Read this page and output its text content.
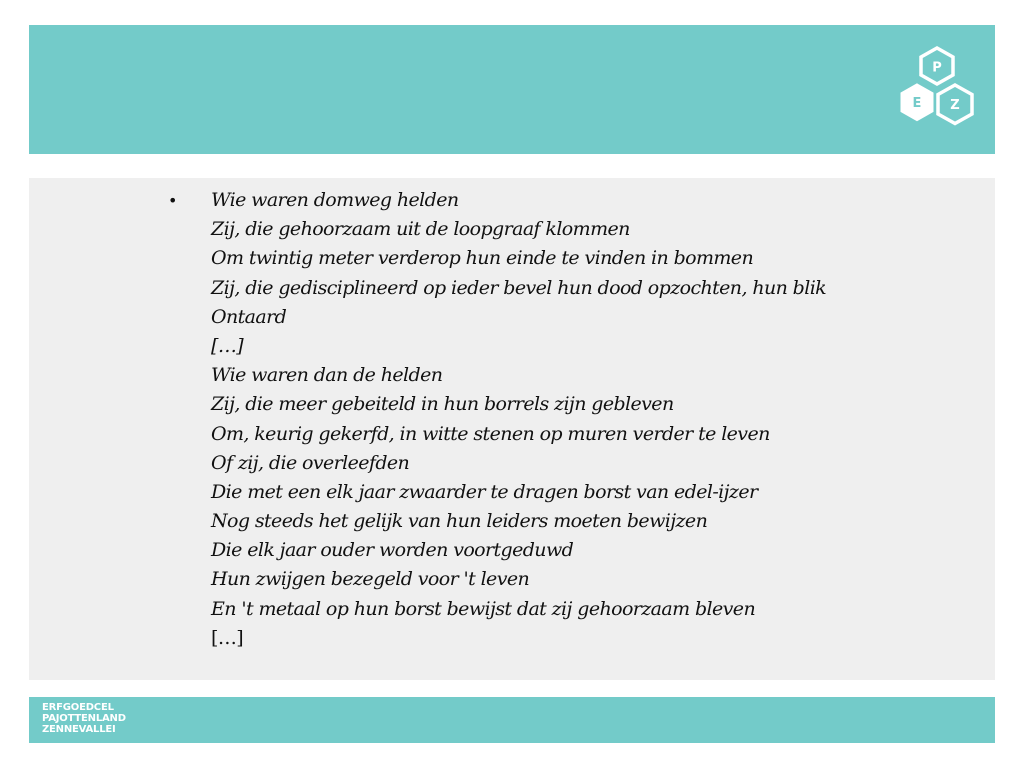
P
E Z
• Wie waren domweg helden
Zij, die gehoorzaam uit de loopgraaf klommen
Om twintig meter verderop hun einde te vinden in bommen
Zij, die gedisciplineerd op ieder bevel hun dood opzochten, hun blik
Ontaard
[…]
Wie waren dan de helden
Zij, die meer gebeiteld in hun borrels zijn gebleven
Om, keurig gekerfd, in witte stenen op muren verder te leven
Of zij, die overleefden
Die met een elk jaar zwaarder te dragen borst van edel-ijzer
Nog steeds het gelijk van hun leiders moeten bewijzen
Die elk jaar ouder worden voortgeduwd
Hun zwijgen bezegeld voor 't leven
En 't metaal op hun borst bewijst dat zij gehoorzaam bleven
[…]
ERFGOEDCEL
PAJOTTENLAND
ZENNEVALLEI
